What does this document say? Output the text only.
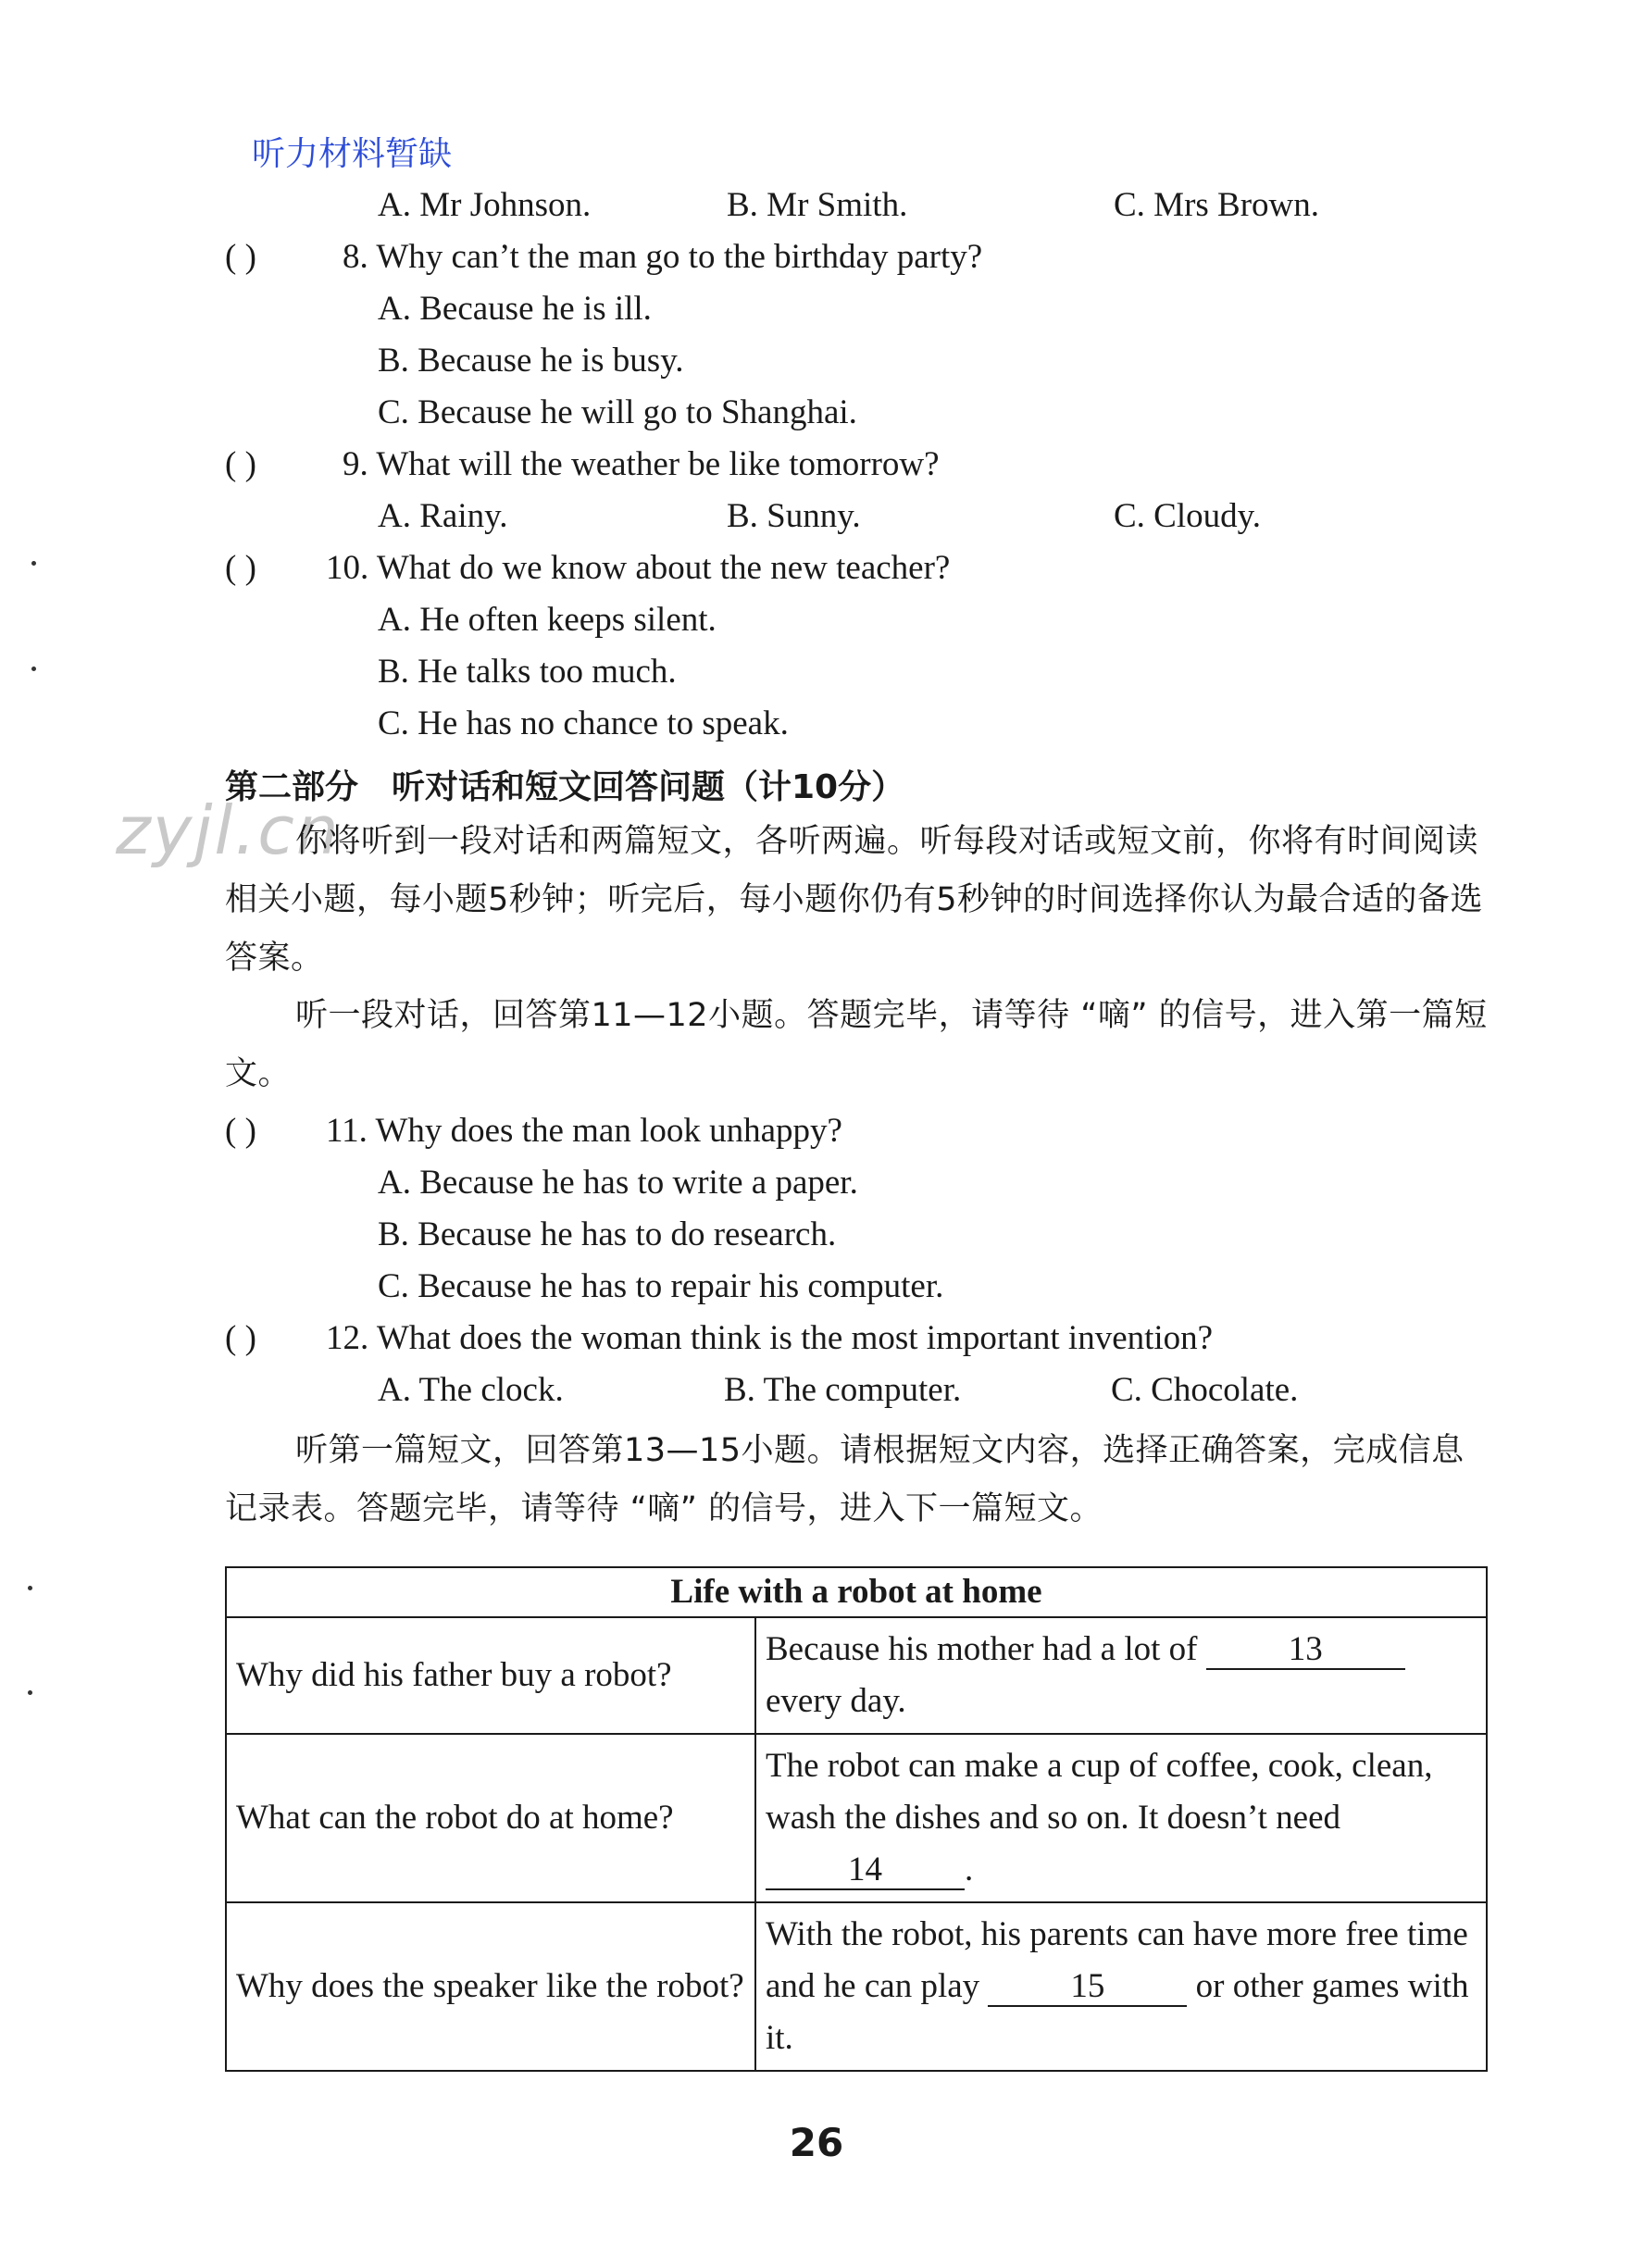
zyjl.cn
听力材料暂缺
A. Mr Johnson.	B. Mr Smith.	C. Mrs Brown.
( )	8. Why can’t the man go to the birthday party?
A. Because he is ill.
B. Because he is busy.
C. Because he will go to Shanghai.
( )	9. What will the weather be like tomorrow?
A. Rainy.	B. Sunny.	C. Cloudy.
( ) 10. What do we know about the new teacher?
A. He often keeps silent.
B. He talks too much.
C. He has no chance to speak.
第二部分　听对话和短文回答问题（计10分）
你将听到一段对话和两篇短文，各听两遍。听每段对话或短文前，你将有时间阅读相关小题，每小题5秒钟；听完后，每小题你仍有5秒钟的时间选择你认为最合适的备选答案。
听一段对话，回答第11—12小题。答题完毕，请等待 “嘀” 的信号，进入第一篇短文。
( ) 11. Why does the man look unhappy?
A. Because he has to write a paper.
B. Because he has to do research.
C. Because he has to repair his computer.
( ) 12. What does the woman think is the most important invention?
A. The clock.	B. The computer.	C. Chocolate.
听第一篇短文，回答第13—15小题。请根据短文内容，选择正确答案，完成信息记录表。答题完毕，请等待 “嘀” 的信号，进入下一篇短文。
Life with a robot at home	
Why did his father buy a robot?	Because his mother had a lot of 13 every day.
What can the robot do at home?	The robot can make a cup of coffee, cook, clean, wash the dishes and so on. It doesn’t need
14 .
Why does the speaker like the robot?	With the robot, his parents can have more free time and he can play 15 or other games with it.
26
